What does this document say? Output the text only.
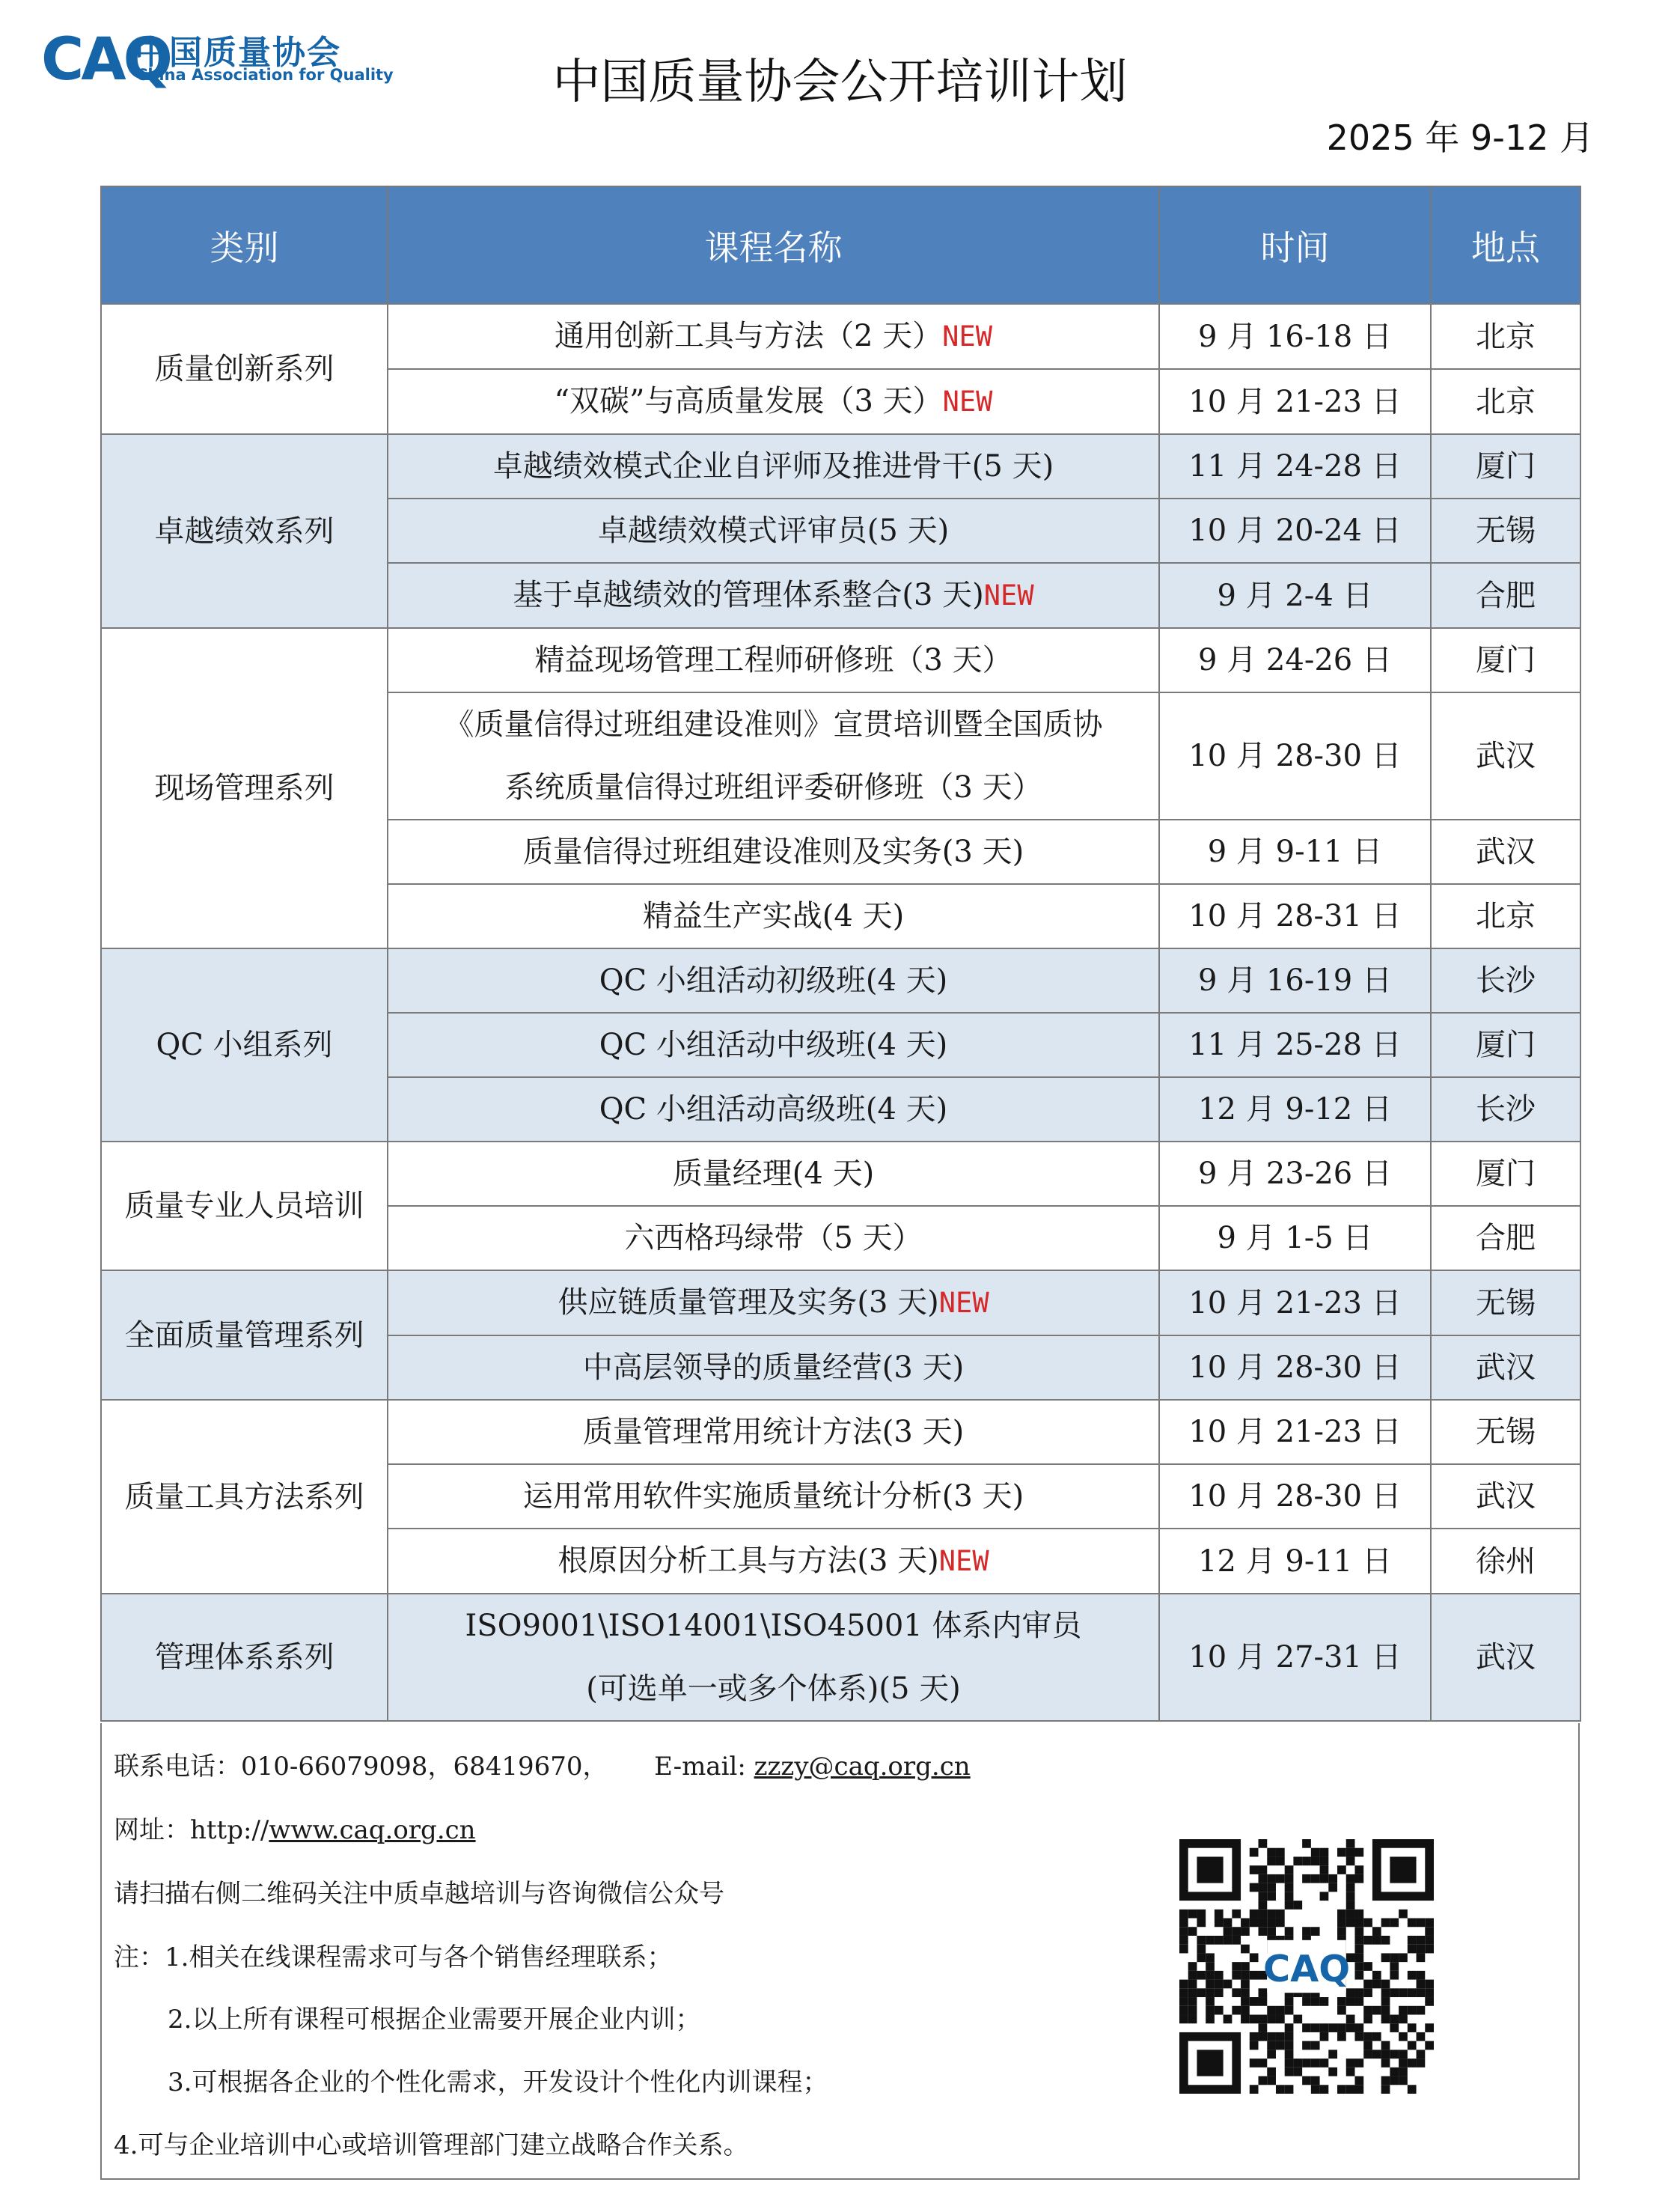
CAQ
中国质量协会
China Association for Quality	中国质量协会公开培训计划
2025 年 9-12 月
类别	课程名称	时间	地点
质量创新系列	通用创新工具与方法（2 天）NEW	9 月 16-18 日	北京

	“双碳”与高质量发展（3 天）NEW	10 月 21-23 日	北京
卓越绩效系列	卓越绩效模式企业自评师及推进骨干(5 天)	11 月 24-28 日	厦门

	卓越绩效模式评审员(5 天)	10 月 20-24 日	无锡

	基于卓越绩效的管理体系整合(3 天)NEW	9 月 2-4 日	合肥
现场管理系列	精益现场管理工程师研修班（3 天）	9 月 24-26 日	厦门

	《质量信得过班组建设准则》宣贯培训暨全国质协
系统质量信得过班组评委研修班（3 天）	10 月 28-30 日	武汉

	质量信得过班组建设准则及实务(3 天)	9 月 9-11 日	武汉

	精益生产实战(4 天)	10 月 28-31 日	北京
QC 小组系列	QC 小组活动初级班(4 天)	9 月 16-19 日	长沙

	QC 小组活动中级班(4 天)	11 月 25-28 日	厦门

	QC 小组活动高级班(4 天)	12 月 9-12 日	长沙
质量专业人员培训	质量经理(4 天)	9 月 23-26 日	厦门

	六西格玛绿带（5 天）	9 月 1-5 日	合肥
全面质量管理系列	供应链质量管理及实务(3 天)NEW	10 月 21-23 日	无锡

	中高层领导的质量经营(3 天)	10 月 28-30 日	武汉
质量工具方法系列	质量管理常用统计方法(3 天)	10 月 21-23 日	无锡

	运用常用软件实施质量统计分析(3 天)	10 月 28-30 日	武汉

	根原因分析工具与方法(3 天)NEW	12 月 9-11 日	徐州
管理体系系列	ISO9001\ISO14001\ISO45001 体系内审员
(可选单一或多个体系)(5 天)	10 月 27-31 日	武汉
联系电话：010-66079098，68419670， E-mail: zzzy@caq.org.cn
网址：http://www.caq.org.cn
请扫描右侧二维码关注中质卓越培训与咨询微信公众号
注：1.相关在线课程需求可与各个销售经理联系；
2.以上所有课程可根据企业需要开展企业内训；
3.可根据各企业的个性化需求，开发设计个性化内训课程；
4.可与企业培训中心或培训管理部门建立战略合作关系。
CAQ
